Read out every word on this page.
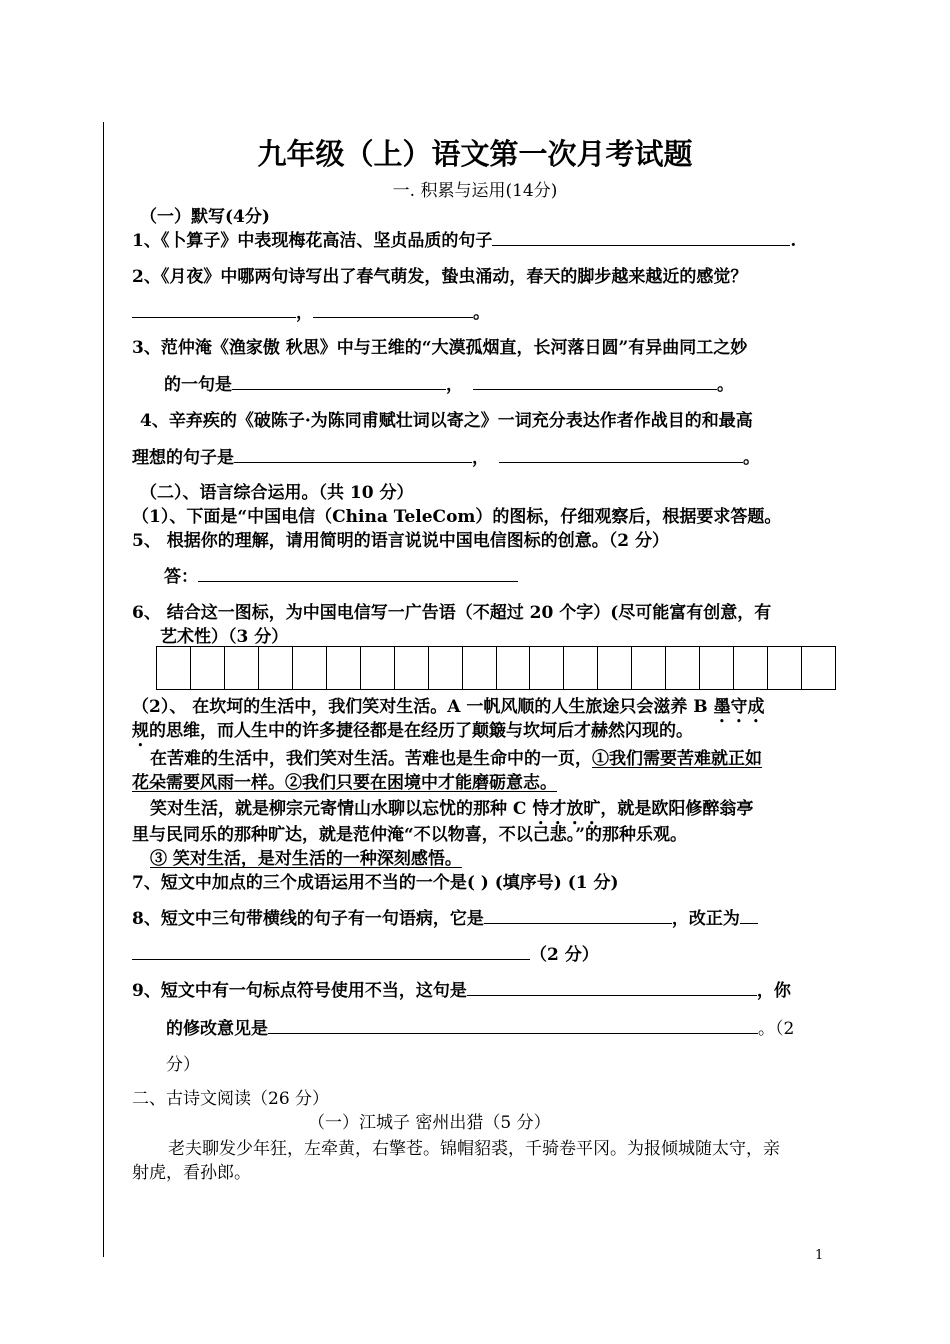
九年级（上）语文第一次月考试题
一. 积累与运用(14分)
（一）默写(4分)
1、《卜算子》中表现梅花高洁、坚贞品质的句子	.
2、《月夜》中哪两句诗写出了春气萌发，蛰虫涌动，春天的脚步越来越近的感觉？
，	。
3、范仲淹《渔家傲 秋思》中与王维的“大漠孤烟直，长河落日圆”有异曲同工之妙
的一句是	，	。
4、辛弃疾的《破陈子·为陈同甫赋壮词以寄之》一词充分表达作者作战目的和最高
理想的句子是	，	。
（二）、语言综合运用。（共 10 分）
（1）、下面是“中国电信（China TeleCom）的图标，仔细观察后，根据要求答题。
5、 根据你的理解，请用简明的语言说说中国电信图标的创意。（2 分）
答：
6、 结合这一图标，为中国电信写一广告语（不超过 20 个字）(尽可能富有创意，有
艺术性）（3 分）
（2）、 在坎坷的生活中，我们笑对生活。A 一帆风顺的人生旅途只会滋养 B 墨守成
规的思维，而人生中的许多捷径都是在经历了颠簸与坎坷后才赫然闪现的。
在苦难的生活中，我们笑对生活。苦难也是生命中的一页，①我们需要苦难就正如
花朵需要风雨一样。②我们只要在困境中才能磨砺意志。
笑对生活，就是柳宗元寄情山水聊以忘忧的那种 C 恃才放旷，就是欧阳修醉翁亭
里与民同乐的那种旷达，就是范仲淹“不以物喜，不以己悲。”的那种乐观。
③ 笑对生活，是对生活的一种深刻感悟。
7、短文中加点的三个成语运用不当的一个是( ) (填序号) (1 分)
8、短文中三句带横线的句子有一句语病，它是	，改正为
（2 分）
9、短文中有一句标点符号使用不当，这句是	，你
的修改意见是	。（2
分）
二、古诗文阅读（26 分）
（一）江城子 密州出猎（5 分）
老夫聊发少年狂，左牵黄，右擎苍。锦帽貂裘，千骑卷平冈。为报倾城随太守，亲
射虎，看孙郎。
1
